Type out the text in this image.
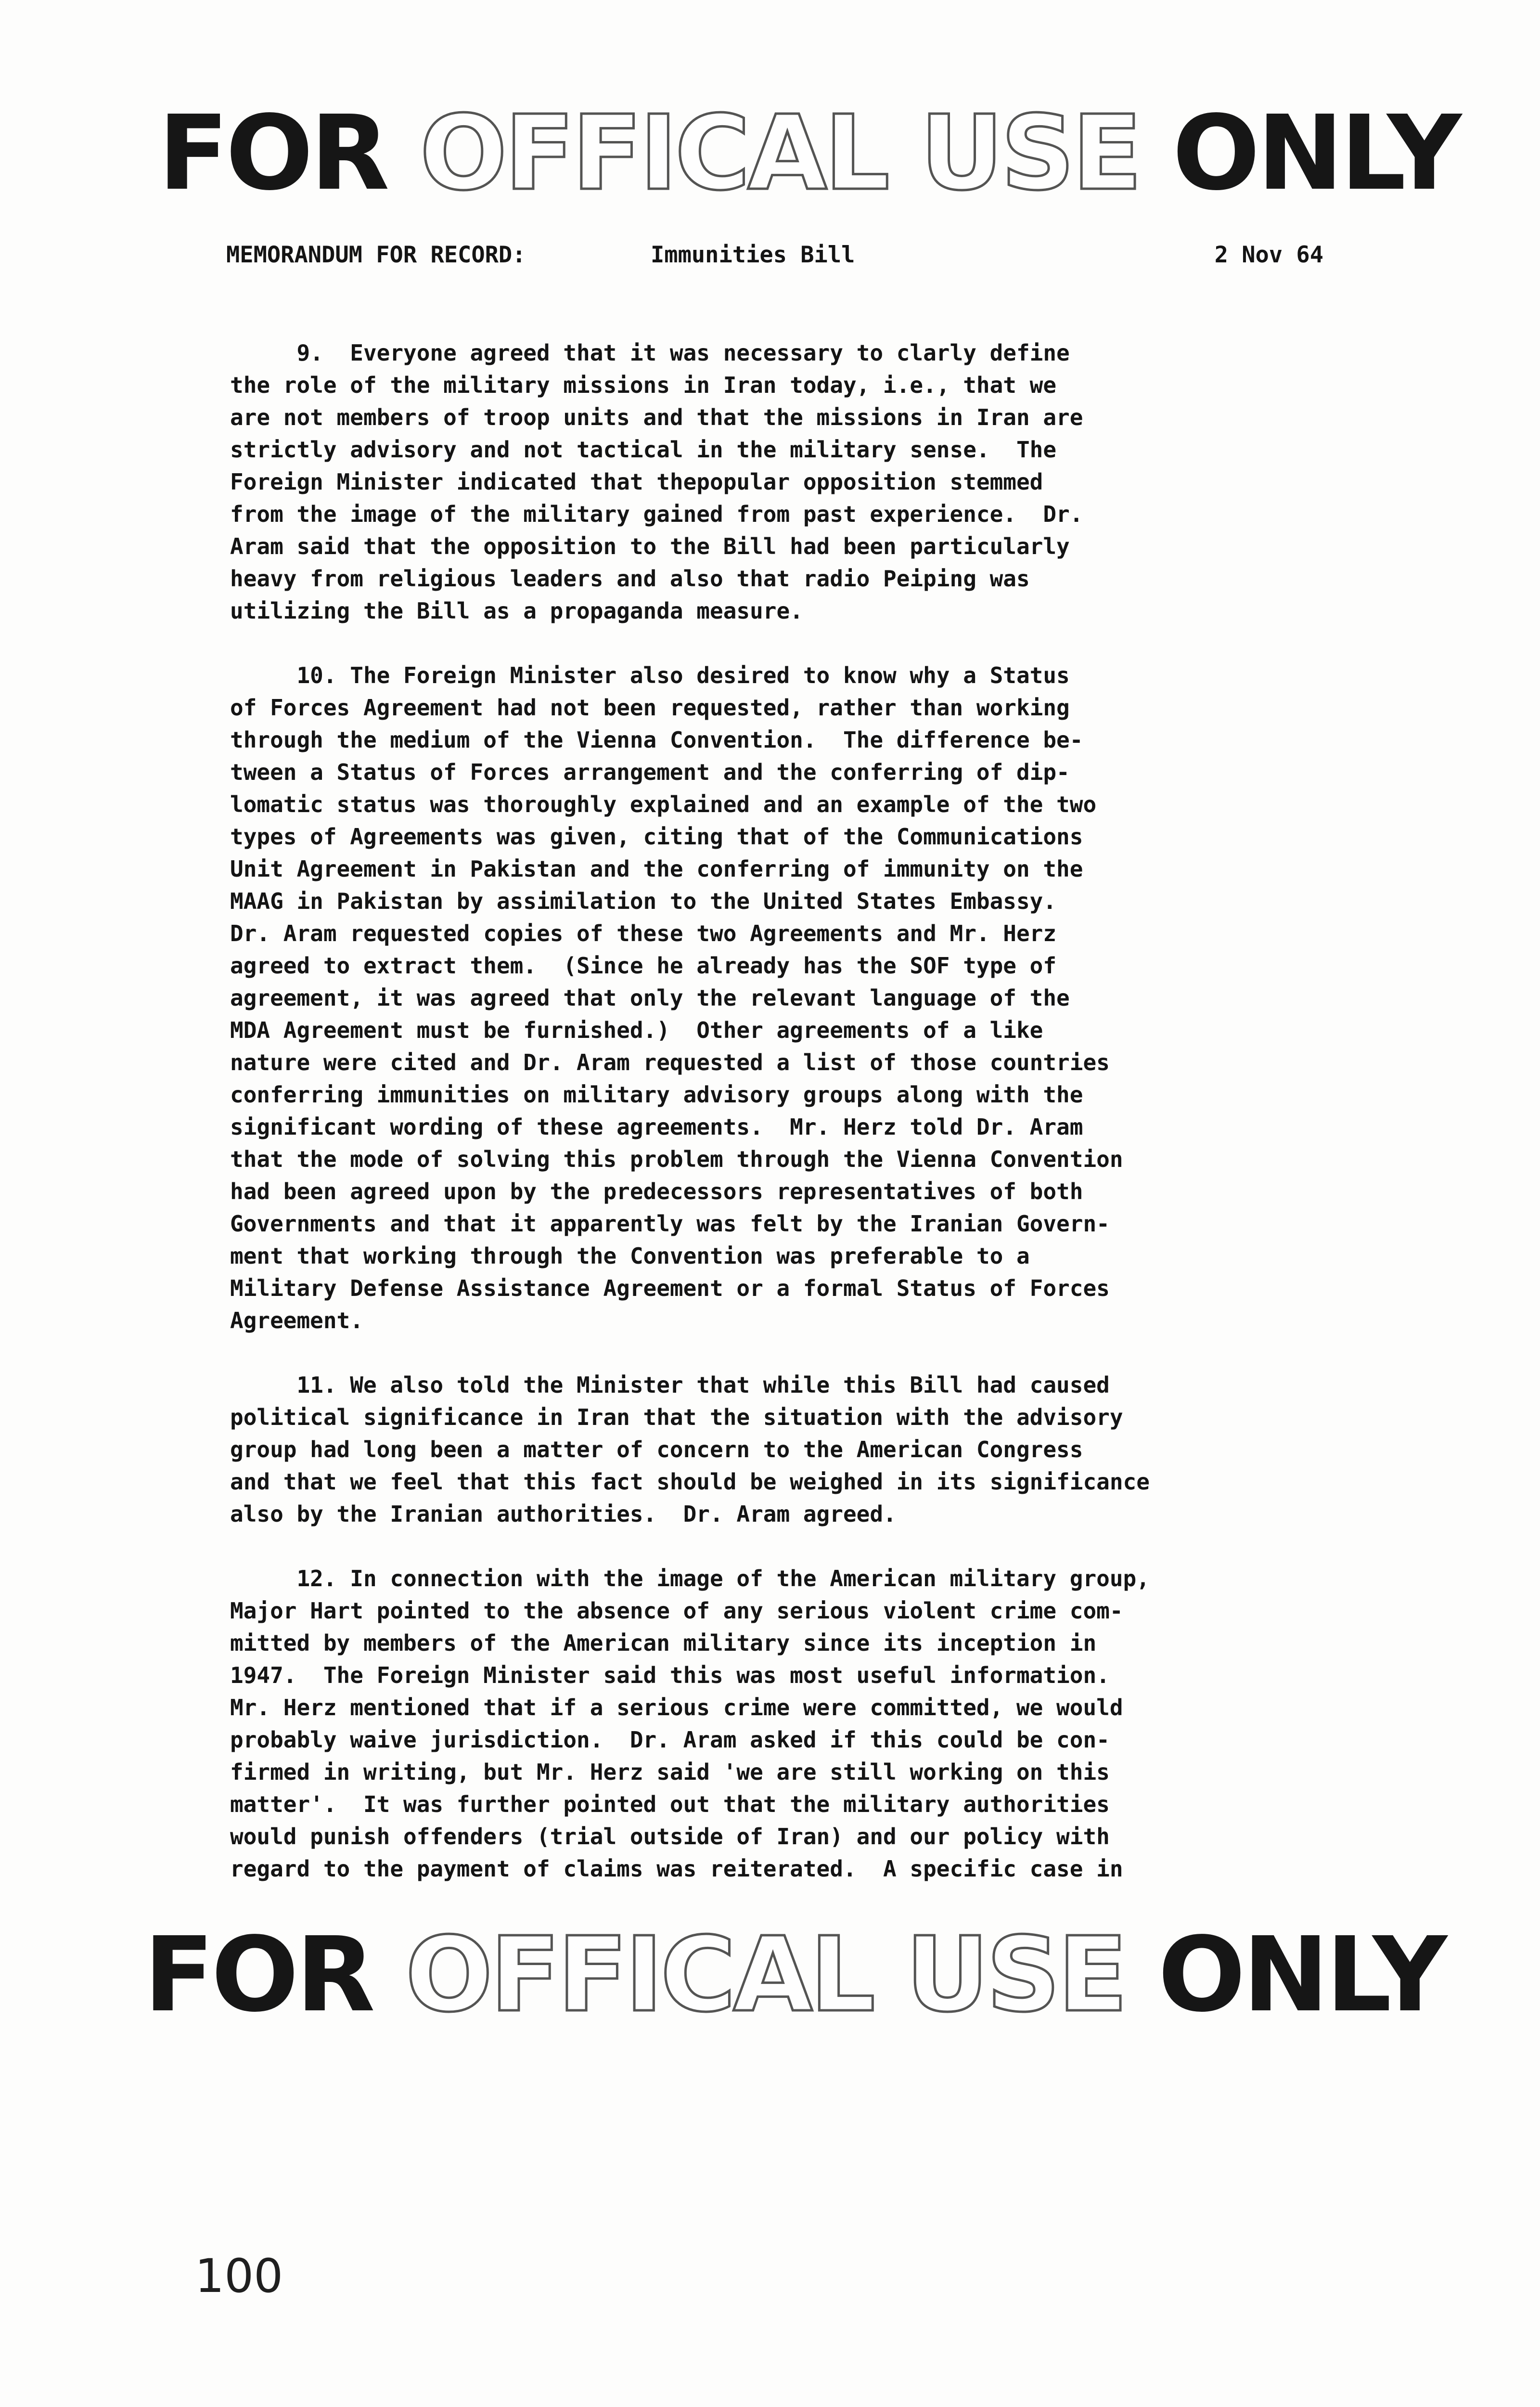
FOR OFFICAL USE ONLY
MEMORANDUM FOR RECORD:	Immunities Bill	2 Nov 64
9.  Everyone agreed that it was necessary to clarly define
the role of the military missions in Iran today, i.e., that we
are not members of troop units and that the missions in Iran are
strictly advisory and not tactical in the military sense.  The
Foreign Minister indicated that thepopular opposition stemmed
from the image of the military gained from past experience.  Dr.
Aram said that the opposition to the Bill had been particularly
heavy from religious leaders and also that radio Peiping was
utilizing the Bill as a propaganda measure.
10. The Foreign Minister also desired to know why a Status
of Forces Agreement had not been requested, rather than working
through the medium of the Vienna Convention.  The difference be-
tween a Status of Forces arrangement and the conferring of dip-
lomatic status was thoroughly explained and an example of the two
types of Agreements was given, citing that of the Communications
Unit Agreement in Pakistan and the conferring of immunity on the
MAAG in Pakistan by assimilation to the United States Embassy.
Dr. Aram requested copies of these two Agreements and Mr. Herz
agreed to extract them.  (Since he already has the SOF type of
agreement, it was agreed that only the relevant language of the
MDA Agreement must be furnished.)  Other agreements of a like
nature were cited and Dr. Aram requested a list of those countries
conferring immunities on military advisory groups along with the
significant wording of these agreements.  Mr. Herz told Dr. Aram
that the mode of solving this problem through the Vienna Convention
had been agreed upon by the predecessors representatives of both
Governments and that it apparently was felt by the Iranian Govern-
ment that working through the Convention was preferable to a
Military Defense Assistance Agreement or a formal Status of Forces
Agreement.
11. We also told the Minister that while this Bill had caused
political significance in Iran that the situation with the advisory
group had long been a matter of concern to the American Congress
and that we feel that this fact should be weighed in its significance
also by the Iranian authorities.  Dr. Aram agreed.
12. In connection with the image of the American military group,
Major Hart pointed to the absence of any serious violent crime com-
mitted by members of the American military since its inception in
1947.  The Foreign Minister said this was most useful information.
Mr. Herz mentioned that if a serious crime were committed, we would
probably waive jurisdiction.  Dr. Aram asked if this could be con-
firmed in writing, but Mr. Herz said 'we are still working on this
matter'.  It was further pointed out that the military authorities
would punish offenders (trial outside of Iran) and our policy with
regard to the payment of claims was reiterated.  A specific case in
FOR OFFICAL USE ONLY
100
